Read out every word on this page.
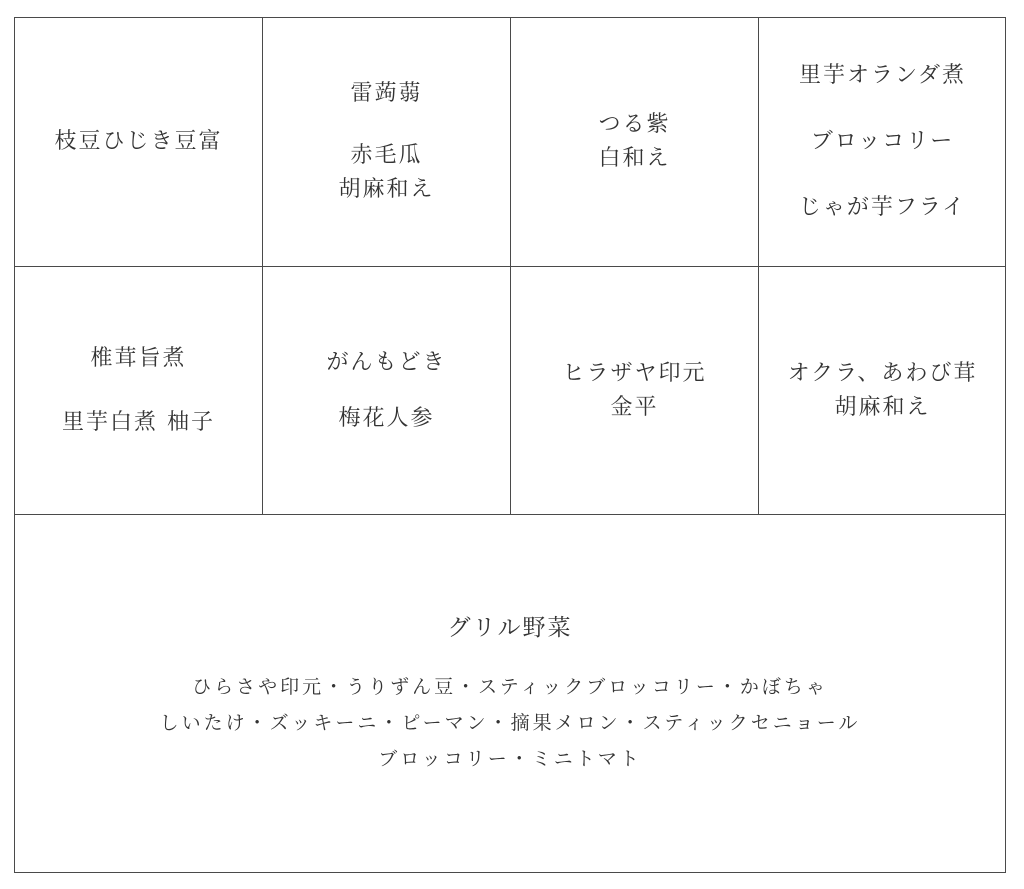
枝豆ひじき豆富
雷蒟蒻
赤毛瓜
胡麻和え
つる紫
白和え
里芋オランダ煮
ブロッコリー
じゃが芋フライ
椎茸旨煮
里芋白煮 柚子
がんもどき
梅花人参
ヒラザヤ印元
金平
オクラ、あわび茸
胡麻和え
グリル野菜
ひらさや印元・うりずん豆・スティックブロッコリー・かぼちゃ
しいたけ・ズッキーニ・ピーマン・摘果メロン・スティックセニョール
ブロッコリー・ミニトマト
